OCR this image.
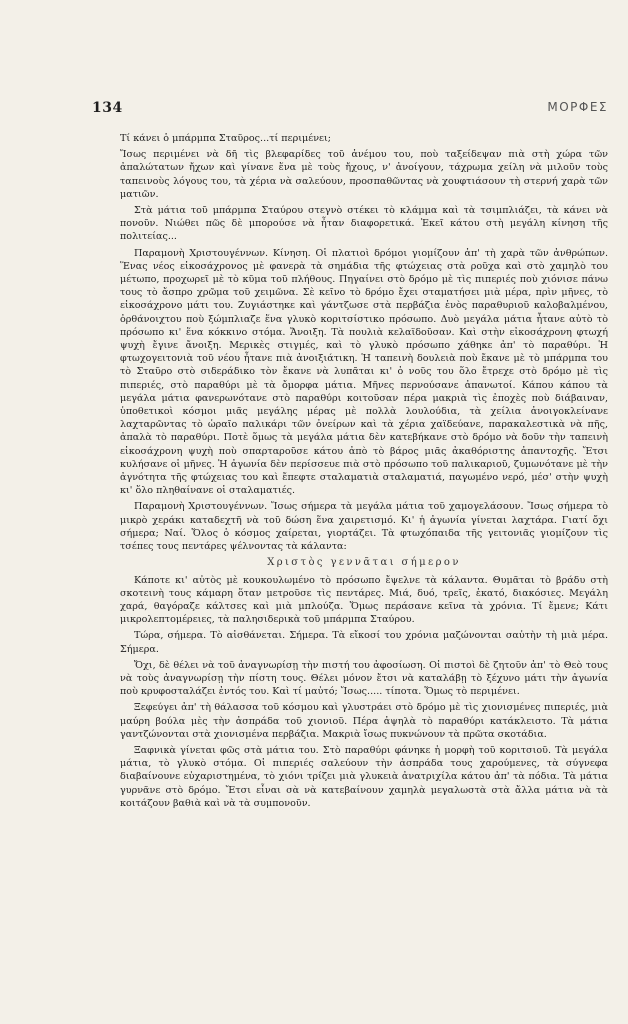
134	ΜΟΡΦΕΣ

Τί κάνει ὁ μπάρμπα Σταῦρος...τί περιμένει;

Ἴσως περιμένει νὰ δῆ τὶς βλεφαρίδες τοῦ ἀνέμου του, ποὺ ταξείδεψαν πιὰ στὴ χώρα τῶν ἀπαλώτατων ἤχων καὶ γίνανε ἕνα μὲ τοὺς ἤχους, ν' ἀνοίγουν, τάχρωμα χείλη νὰ μιλοῦν τοὺς ταπεινοὺς λόγους του, τὰ χέρια νὰ σαλεύουν, προσπαθῶντας νὰ χουφτιάσουν τὴ στερνή χαρὰ τῶν ματιῶν.

Στὰ μάτια τοῦ μπάρμπα Σταύρου στεγνὸ στέκει τὸ κλάμμα καὶ τὰ τσιμπλιάζει, τὰ κάνει νὰ πονοῦν. Νιώθει πῶς δὲ μπορούσε νὰ ἦταν διαφορετικά. Ἐκεῖ κάτου στὴ μεγάλη κίνηση τῆς πολιτείας...

Παραμονὴ Χριστουγέννων. Κίνηση. Οἱ πλατιοὶ δρόμοι γιομίζουν ἀπ' τὴ χαρὰ τῶν ἀνθρώπων. Ἕνας νέος εἰκοσάχρονος μὲ φανερὰ τὰ σημάδια τῆς φτώχειας στὰ ροῦχα καὶ στὸ χαμηλὸ του μέτωπο, προχωρεῖ μὲ τὸ κῦμα τοῦ πλήθους. Πηγαίνει στὸ δρόμο μὲ τὶς πιπεριές ποὺ χιόνισε πάνω τους τὸ ἄσπρο χρῶμα τοῦ χειμῶνα. Σὲ κεῖνο τὸ δρόμο ἔχει σταματήσει μιὰ μέρα, πρὶν μῆνες, τὸ εἰκοσάχρονο μάτι του. Ζυγιάστηκε καὶ γάντζωσε στὰ περβάζια ἑνὸς παραθυριοῦ καλοβαλμένου, ὀρθάνοιχτου ποὺ ξώμπλιαζε ἕνα γλυκὸ κοριτσίστικο πρόσωπο. Δυὸ μεγάλα μάτια ἦτανε αὐτὸ τὸ πρόσωπο κι' ἕνα κόκκινο στόμα. Ἄνοιξη. Τὰ πουλιὰ κελαϊδοῦσαν. Καὶ στὴν εἰκοσάχρονη φτωχή ψυχὴ ἔγινε ἄνοιξη. Μερικὲς στιγμές, καὶ τὸ γλυκὸ πρόσωπο χάθηκε ἀπ' τὸ παραθύρι. Ἡ φτωχογειτονιὰ τοῦ νέου ἦτανε πιὰ ἀνοιξιάτικη. Ἡ ταπεινὴ δουλειὰ ποὺ ἔκανε μὲ τὸ μπάρμπα του τὸ Σταῦρο στὸ σιδεράδικο τὸν ἔκανε νὰ λυπᾶται κι' ὁ νοῦς του ὅλο ἔτρεχε στὸ δρόμο μὲ τὶς πιπεριές, στὸ παραθύρι μὲ τὰ ὄμορφα μάτια. Μῆνες περνούσανε ἀπανωτοί. Κάπου κάπου τὰ μεγάλα μάτια φανερωνότανε στὸ παραθύρι κοιτοῦσαν πέρα μακριὰ τὶς ἐποχὲς ποὺ διάβαιναν, ὑποθετικοὶ κόσμοι μιᾶς μεγάλης μέρας μὲ πολλὰ λουλούδια, τὰ χείλια ἀνοιγοκλείνανε λαχταρῶντας τὸ ὡραῖο παλικάρι τῶν ὀνείρων καὶ τὰ χέρια χαϊδεύανε, παρακαλεστικὰ νὰ πῆς, ἀπαλὰ τὸ παραθύρι. Ποτὲ ὅμως τὰ μεγάλα μάτια δὲν κατεβήκανε στὸ δρόμο νὰ δοῦν τὴν ταπεινὴ εἰκοσάχρονη ψυχὴ ποὺ σπαρταροῦσε κάτου ἀπὸ τὸ βάρος μιᾶς ἀκαθόριστης ἀπαντοχῆς. Ἔτσι κυλήσανε οἱ μῆνες. Ἡ ἀγωνία δὲν περίσσευε πιὰ στὸ πρόσωπο τοῦ παλικαριοῦ, ζυμωνότανε μὲ τὴν ἀγνότητα τῆς φτώχειας του καὶ ἔπεφτε σταλαματιὰ σταλαματιά, παγωμένο νερό, μέσ' στὴν ψυχὴ κι' ὅλο πληθαίνανε οἱ σταλαματιές.

Παραμονὴ Χριστουγέννων. Ἴσως σήμερα τὰ μεγάλα μάτια τοῦ χαμογελάσουν. Ἴσως σήμερα τὸ μικρὸ χεράκι καταδεχτῆ νὰ τοῦ δώση ἕνα χαιρετισμό. Κι' ἡ ἀγωνία γίνεται λαχτάρα. Γιατί ὄχι σήμερα; Ναί. Ὅλος ὁ κόσμος χαίρεται, γιορτάζει. Τὰ φτωχόπαιδα τῆς γειτονιᾶς γιομίζουν τὶς τσέπες τους πεντάρες ψέλνοντας τὰ κάλαντα:

Χριστὸς γεννᾶται σήμερον

Κάποτε κι' αὐτὸς μὲ κουκουλωμένο τὸ πρόσωπο ἔψελνε τὰ κάλαντα. Θυμᾶται τὸ βράδυ στὴ σκοτεινὴ τους κάμαρη ὅταν μετροῦσε τὶς πεντάρες. Μιά, δυό, τρεῖς, ἑκατό, διακόσιες. Μεγάλη χαρά, θαγόραζε κάλτσες καὶ μιὰ μπλούζα. Ὅμως περάσανε κεῖνα τὰ χρόνια. Τί ἔμενε; Κάτι μικρολεπτομέρειες, τὰ παλησιδερικὰ τοῦ μπάρμπα Σταύρου.

Τώρα, σήμερα. Τὸ αἰσθάνεται. Σήμερα. Τὰ εἴκοσί του χρόνια μαζώνονται σαὐτὴν τὴ μιὰ μέρα. Σήμερα.

Ὄχι, δὲ θέλει νὰ τοῦ ἀναγνωρίσῃ τὴν πιστή του ἀφοσίωση. Οἱ πιστοὶ δὲ ζητοῦν ἀπ' τὸ Θεὸ τους νὰ τοὺς ἀναγνωρίσῃ τὴν πίστη τους. Θέλει μόνον ἔτσι νὰ καταλάβῃ τὸ ξέχυνο μάτι τὴν ἀγωνία ποὺ κρυφοσταλάζει ἐντός του. Καὶ τί μαὐτό; Ἴσως..... τίποτα. Ὅμως τὸ περιμένει.

Ξεφεύγει ἀπ' τὴ θάλασσα τοῦ κόσμου καὶ γλυστράει στὸ δρόμο μὲ τὶς χιονισμένες πιπεριές, μιὰ μαύρη βούλα μὲς τὴν ἀσπράδα τοῦ χιονιοῦ. Πέρα ἀψηλὰ τὸ παραθύρι κατάκλειστο. Τὰ μάτια γαντζώνονται στὰ χιονισμένα περβάζια. Μακριὰ ἴσως πυκνώνουν τὰ πρῶτα σκοτάδια.

Ξαφνικὰ γίνεται φῶς στὰ μάτια του. Στὸ παραθύρι φάνηκε ἡ μορφὴ τοῦ κοριτσιοῦ. Τὰ μεγάλα μάτια, τὸ γλυκὸ στόμα. Οἱ πιπεριές σαλεύουν τὴν ἀσπράδα τους χαρούμενες, τὰ σύγνεφα διαβαίνουνε εὐχαριστημένα, τὸ χιόνι τρίζει μιὰ γλυκειὰ ἀνατριχίλα κάτου ἀπ' τὰ πόδια. Τὰ μάτια γυρνᾶνε στὸ δρόμο. Ἔτσι εἶναι σὰ νὰ κατεβαίνουν χαμηλὰ μεγαλωστὰ στὰ ἄλλα μάτια νὰ τὰ κοιτάζουν βαθιὰ καὶ νὰ τὰ συμπονοῦν.
